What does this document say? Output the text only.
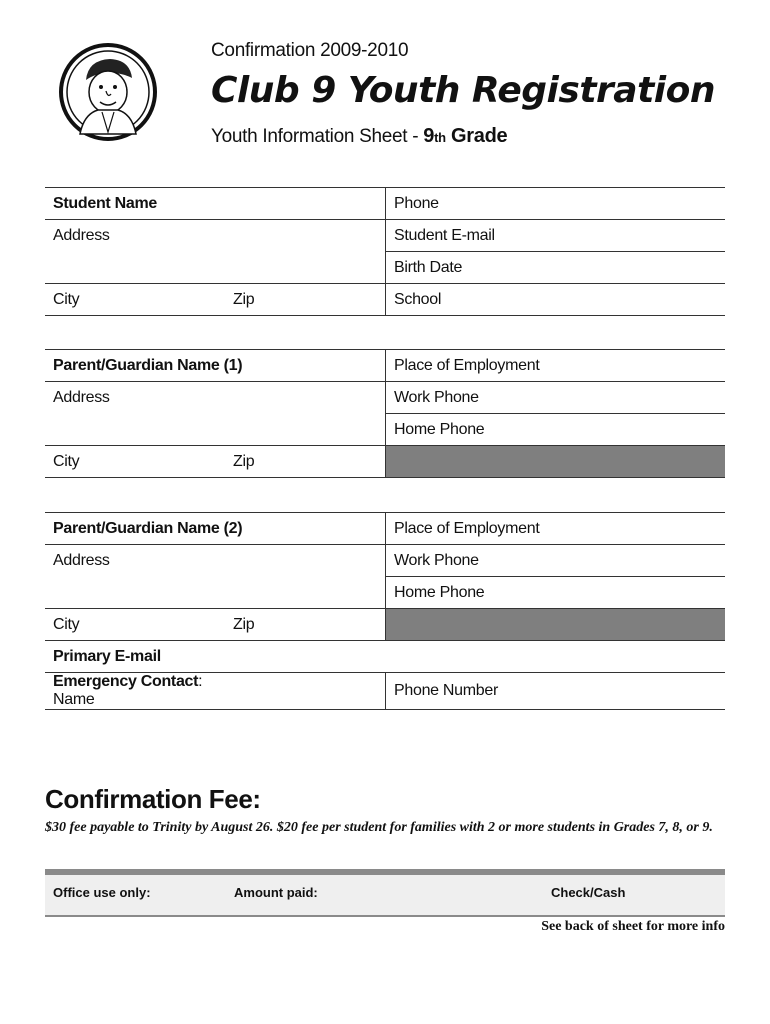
Confirmation 2009-2010
Club 9 Youth Registration
Youth Information Sheet - 9th Grade
Student Name	Phone
Address	Student E-mail
	Birth Date
City Zip	School
Parent/Guardian Name (1)	Place of Employment
Address	Work Phone
	Home Phone
City Zip	

Parent/Guardian Name (2)	Place of Employment
Address	Work Phone
	Home Phone
City Zip	

Primary E-mail	

Emergency Contact:
Name	Phone Number
Confirmation Fee:
$30 fee payable to Trinity by August 26. $20 fee per student for families with 2 or more students in Grades 7, 8, or 9.
Office use only:	Amount paid:	Check/Cash
See back of sheet for more info
